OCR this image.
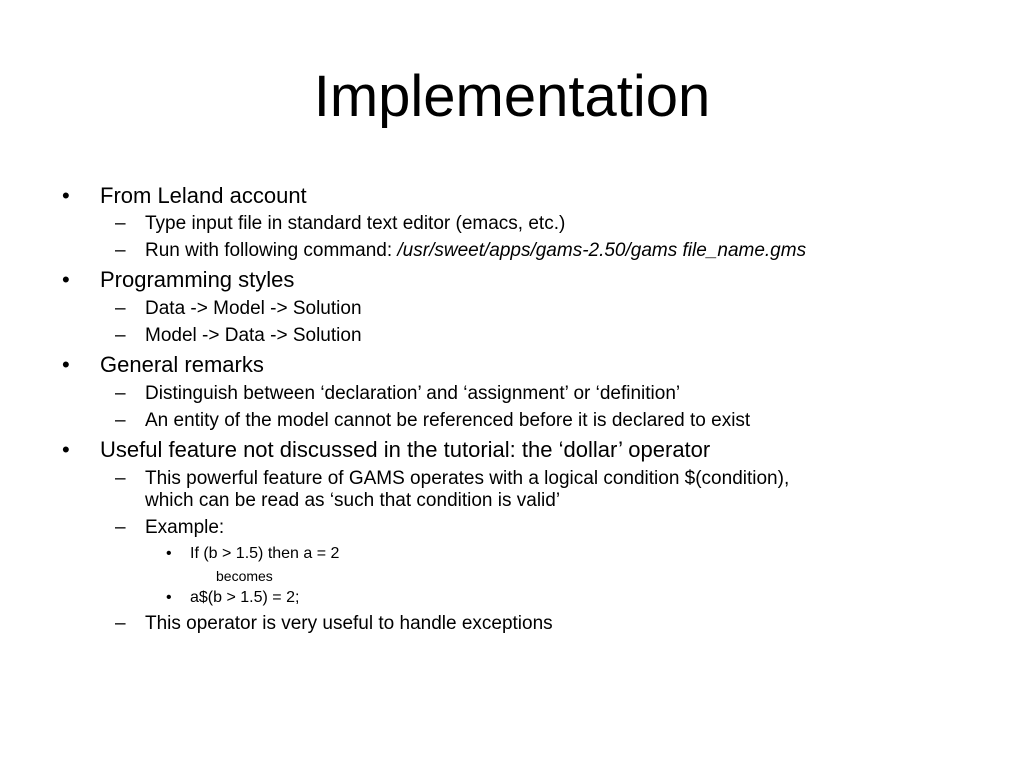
Implementation
• From Leland account
– Type input file in standard text editor (emacs, etc.)
– Run with following command: /usr/sweet/apps/gams-2.50/gams file_name.gms
• Programming styles
– Data -> Model -> Solution
– Model -> Data -> Solution
• General remarks
– Distinguish between ‘declaration’ and ‘assignment’ or ‘definition’
– An entity of the model cannot be referenced before it is declared to exist
• Useful feature not discussed in the tutorial: the ‘dollar’ operator
– This powerful feature of GAMS operates with a logical condition $(condition),
which can be read as ‘such that condition is valid’
– Example:
• If (b > 1.5) then a = 2
becomes
• a$(b > 1.5) = 2;
– This operator is very useful to handle exceptions
